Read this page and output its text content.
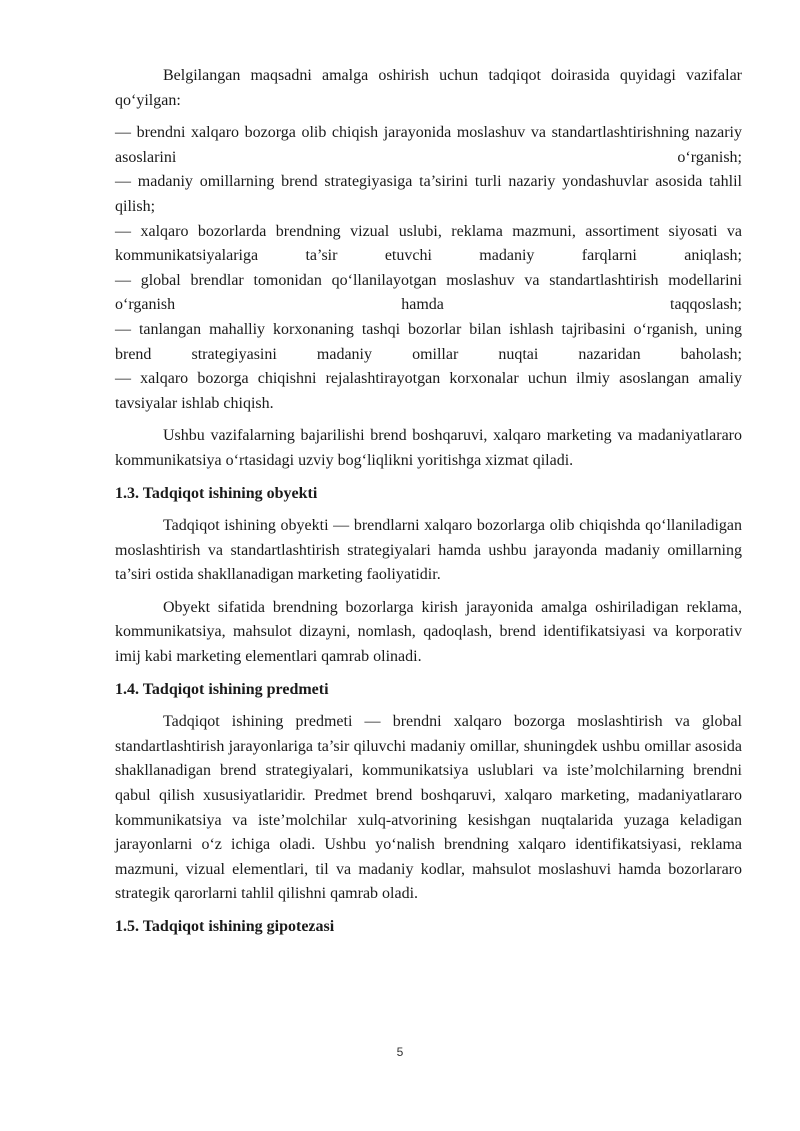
Belgilangan maqsadni amalga oshirish uchun tadqiqot doirasida quyidagi vazifalar qo‘yilgan:

— brendni xalqaro bozorga olib chiqish jarayonida moslashuv va standartlashtirishning nazariy asoslarini o‘rganish;

— madaniy omillarning brend strategiyasiga ta’sirini turli nazariy yondashuvlar asosida tahlil qilish;

— xalqaro bozorlarda brendning vizual uslubi, reklama mazmuni, assortiment siyosati va kommunikatsiyalariga ta’sir etuvchi madaniy farqlarni aniqlash;

— global brendlar tomonidan qo‘llanilayotgan moslashuv va standartlashtirish modellarini o‘rganish hamda taqqoslash;

— tanlangan mahalliy korxonaning tashqi bozorlar bilan ishlash tajribasini o‘rganish, uning brend strategiyasini madaniy omillar nuqtai nazaridan baholash;

— xalqaro bozorga chiqishni rejalashtirayotgan korxonalar uchun ilmiy asoslangan amaliy tavsiyalar ishlab chiqish.

Ushbu vazifalarning bajarilishi brend boshqaruvi, xalqaro marketing va madaniyatlararo kommunikatsiya o‘rtasidagi uzviy bog‘liqlikni yoritishga xizmat qiladi.

1.3. Tadqiqot ishining obyekti

Tadqiqot ishining obyekti — brendlarni xalqaro bozorlarga olib chiqishda qo‘llaniladigan moslashtirish va standartlashtirish strategiyalari hamda ushbu jarayonda madaniy omillarning ta’siri ostida shakllanadigan marketing faoliyatidir.

Obyekt sifatida brendning bozorlarga kirish jarayonida amalga oshiriladigan reklama, kommunikatsiya, mahsulot dizayni, nomlash, qadoqlash, brend identifikatsiyasi va korporativ imij kabi marketing elementlari qamrab olinadi.

1.4. Tadqiqot ishining predmeti

Tadqiqot ishining predmeti — brendni xalqaro bozorga moslashtirish va global standartlashtirish jarayonlariga ta’sir qiluvchi madaniy omillar, shuningdek ushbu omillar asosida shakllanadigan brend strategiyalari, kommunikatsiya uslublari va iste’molchilarning brendni qabul qilish xususiyatlaridir. Predmet brend boshqaruvi, xalqaro marketing, madaniyatlararo kommunikatsiya va iste’molchilar xulq-atvorining kesishgan nuqtalarida yuzaga keladigan jarayonlarni o‘z ichiga oladi. Ushbu yo‘nalish brendning xalqaro identifikatsiyasi, reklama mazmuni, vizual elementlari, til va madaniy kodlar, mahsulot moslashuvi hamda bozorlararo strategik qarorlarni tahlil qilishni qamrab oladi.

1.5. Tadqiqot ishining gipotezasi
5
